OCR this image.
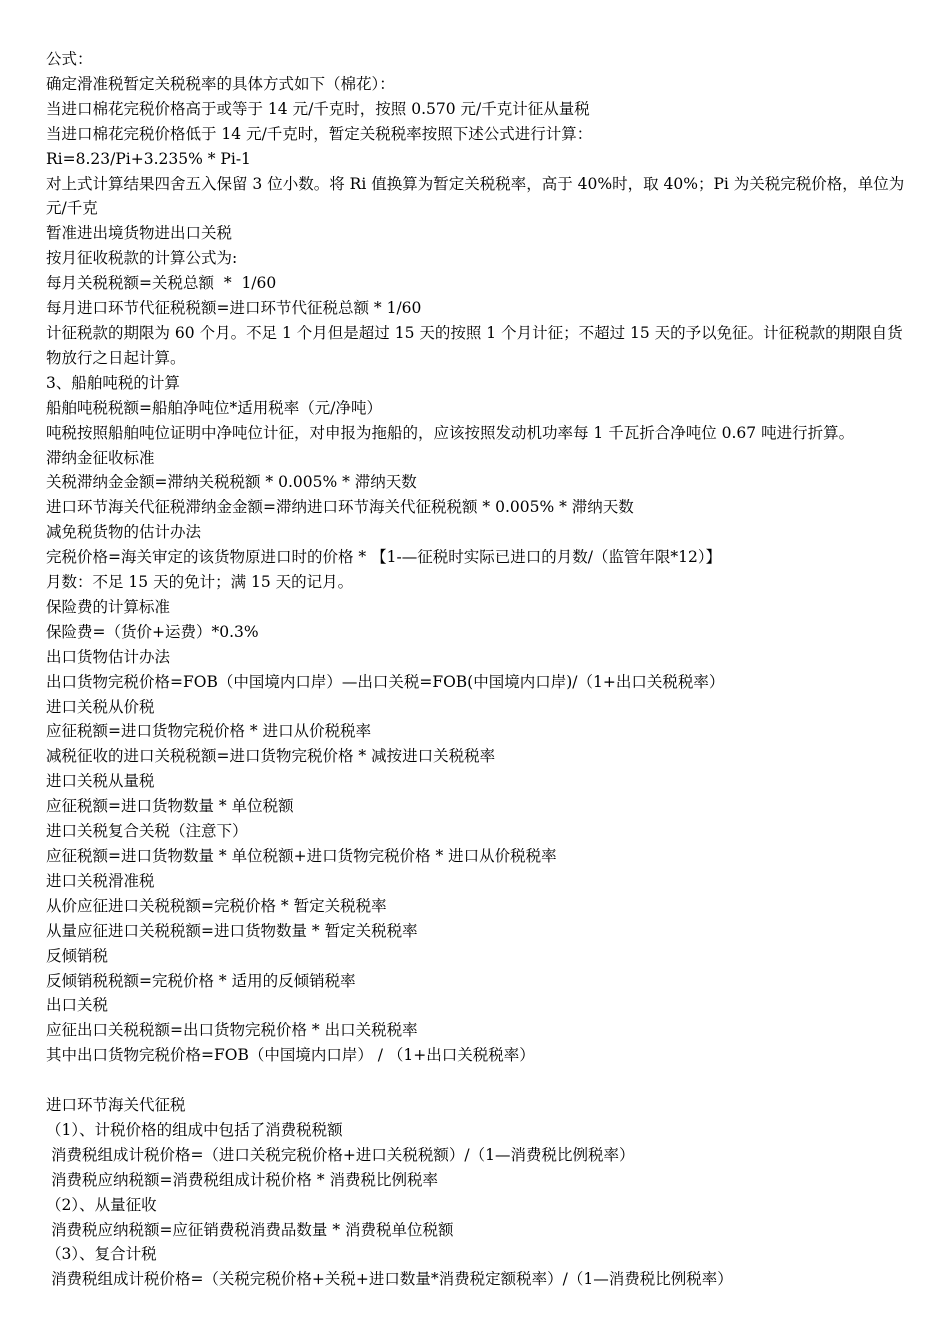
公式：
确定滑准税暂定关税税率的具体方式如下（棉花）：
当进口棉花完税价格高于或等于 14 元/千克时，按照 0.570 元/千克计征从量税
当进口棉花完税价格低于 14 元/千克时，暂定关税税率按照下述公式进行计算：
Ri=8.23/Pi+3.235% * Pi-1
对上式计算结果四舍五入保留 3 位小数。将 Ri 值换算为暂定关税税率，高于 40%时，取 40%；Pi 为关税完税价格，单位为元/千克
暂准进出境货物进出口关税
按月征收税款的计算公式为:
每月关税税额=关税总额  *  1/60
每月进口环节代征税税额=进口环节代征税总额 * 1/60
计征税款的期限为 60 个月。不足 1 个月但是超过 15 天的按照 1 个月计征；不超过 15 天的予以免征。计征税款的期限自货物放行之日起计算。
3、船舶吨税的计算
船舶吨税税额=船舶净吨位*适用税率（元/净吨）
吨税按照船舶吨位证明中净吨位计征，对申报为拖船的，应该按照发动机功率每 1 千瓦折合净吨位 0.67 吨进行折算。
滞纳金征收标准
关税滞纳金金额=滞纳关税税额 * 0.005% * 滞纳天数
进口环节海关代征税滞纳金金额=滞纳进口环节海关代征税税额 * 0.005% * 滞纳天数
减免税货物的估计办法
完税价格=海关审定的该货物原进口时的价格 * 【1-—征税时实际已进口的月数/（监管年限*12）】
月数：不足 15 天的免计；满 15 天的记月。
保险费的计算标准
保险费=（货价+运费）*0.3%
出口货物估计办法
出口货物完税价格=FOB（中国境内口岸）—出口关税=FOB(中国境内口岸)/（1+出口关税税率）
进口关税从价税
应征税额=进口货物完税价格 * 进口从价税税率
减税征收的进口关税税额=进口货物完税价格 * 减按进口关税税率
进口关税从量税
应征税额=进口货物数量 * 单位税额
进口关税复合关税（注意下）
应征税额=进口货物数量 * 单位税额+进口货物完税价格 * 进口从价税税率
进口关税滑准税
从价应征进口关税税额=完税价格 * 暂定关税税率
从量应征进口关税税额=进口货物数量 * 暂定关税税率
反倾销税
反倾销税税额=完税价格 * 适用的反倾销税率
出口关税
应征出口关税税额=出口货物完税价格 * 出口关税税率
其中出口货物完税价格=FOB（中国境内口岸） / （1+出口关税税率）
进口环节海关代征税
（1）、计税价格的组成中包括了消费税税额
消费税组成计税价格=（进口关税完税价格+进口关税税额）/（1—消费税比例税率）
消费税应纳税额=消费税组成计税价格 * 消费税比例税率
（2）、从量征收
消费税应纳税额=应征销费税消费品数量 * 消费税单位税额
（3）、复合计税
消费税组成计税价格=（关税完税价格+关税+进口数量*消费税定额税率）/（1—消费税比例税率）
